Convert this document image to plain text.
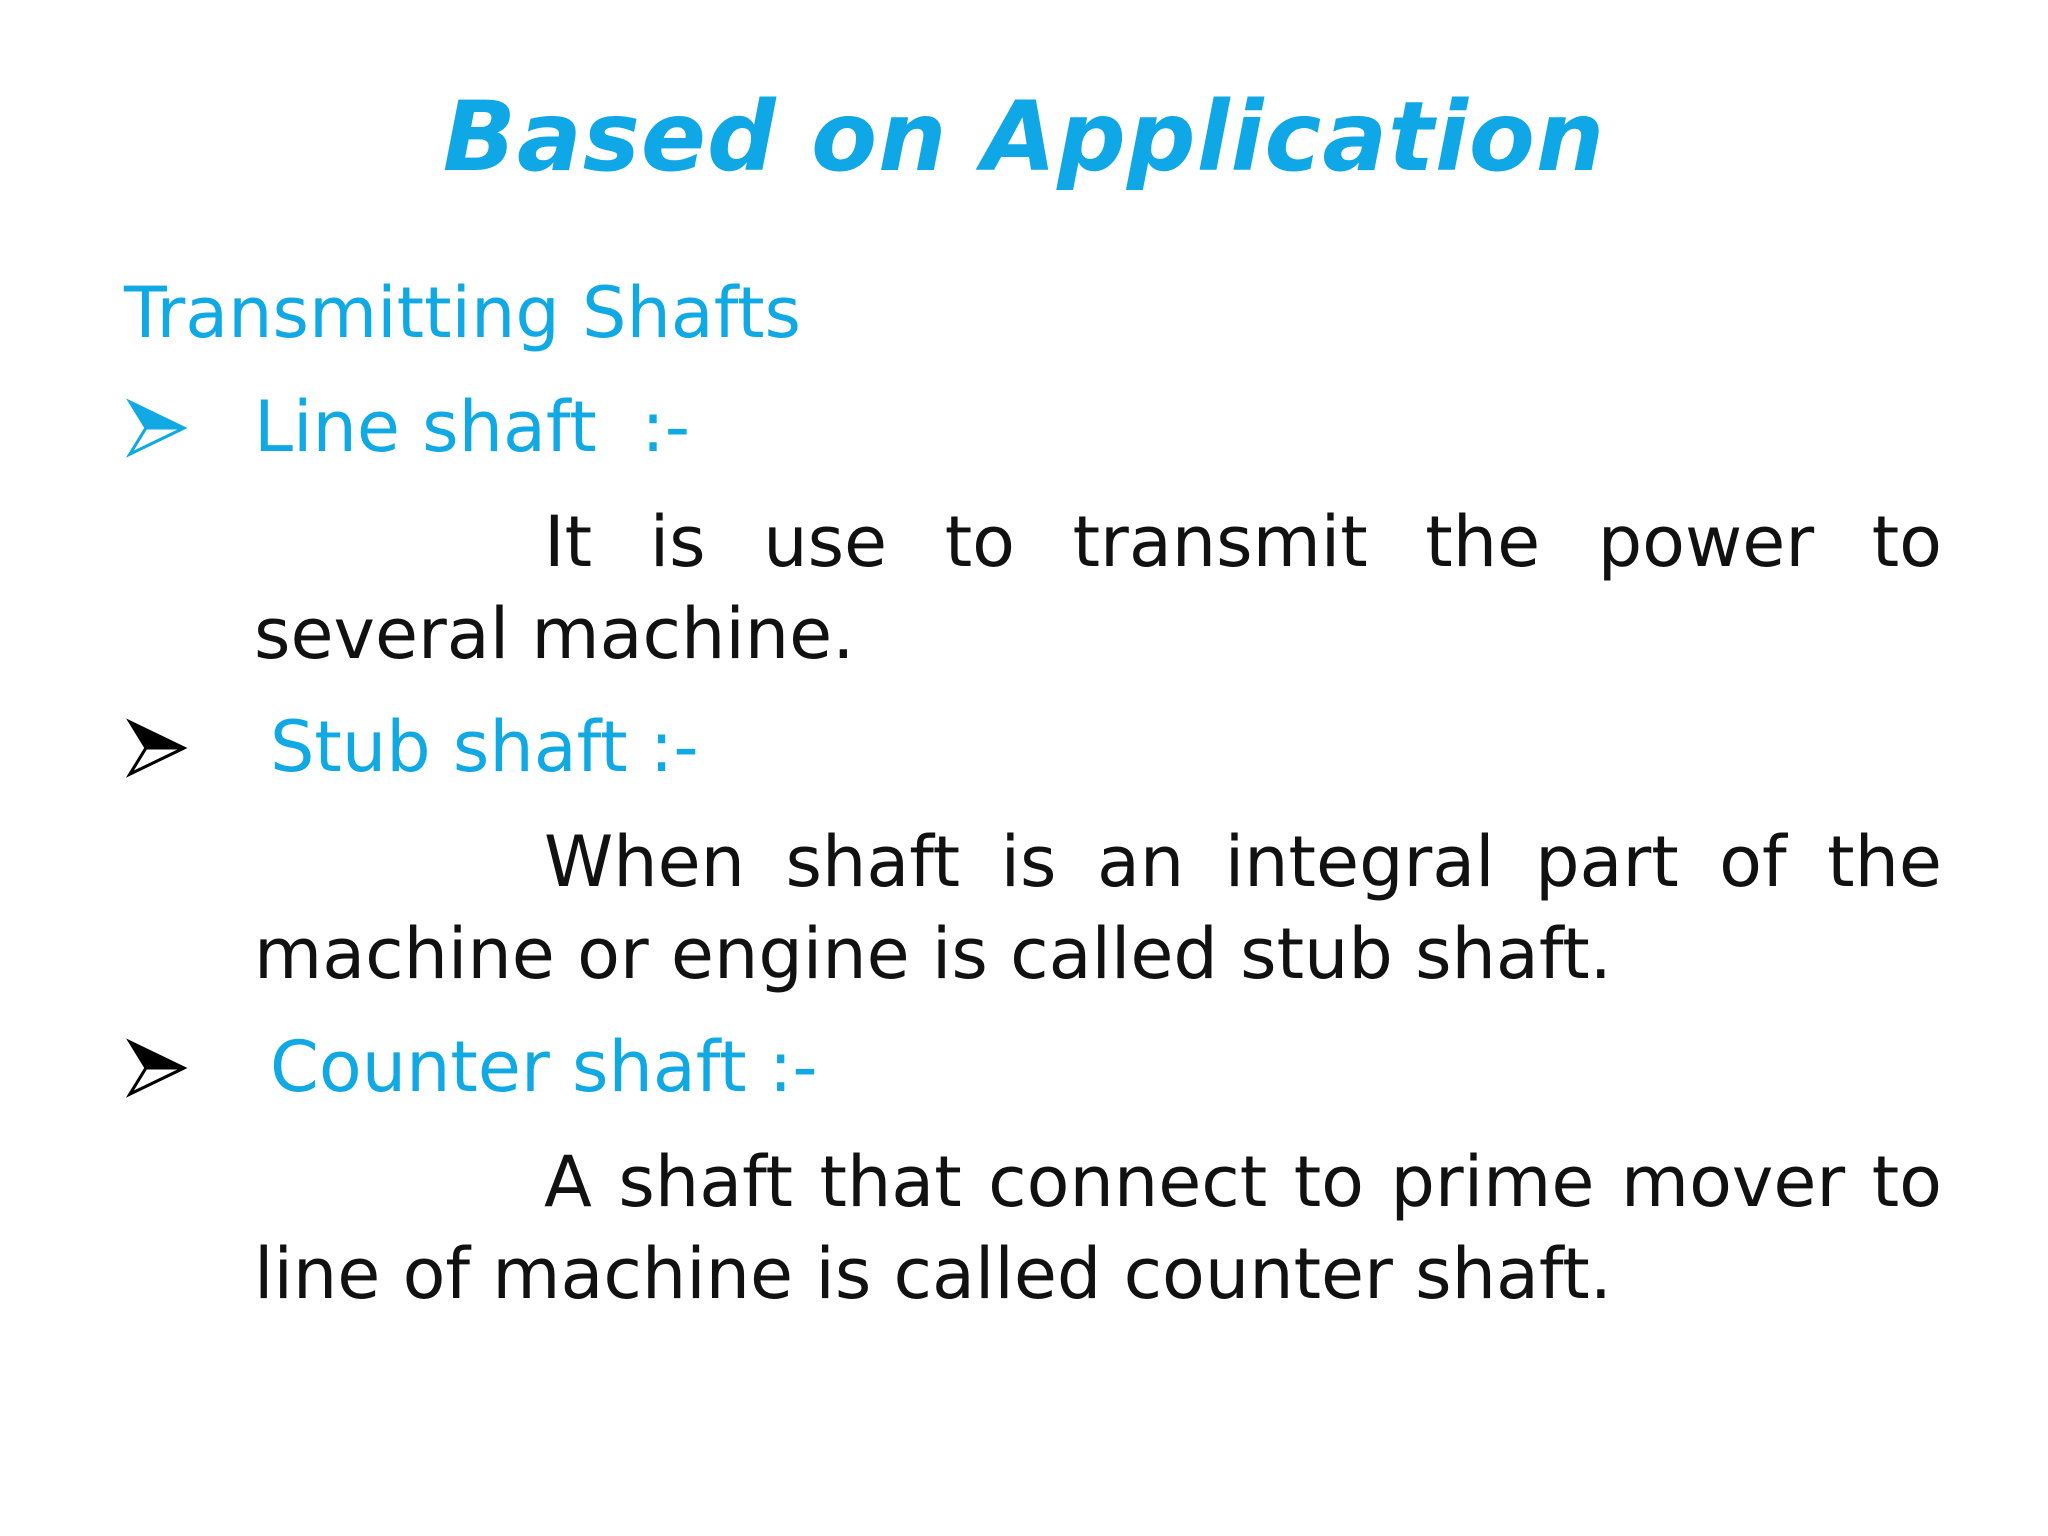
Based on Application
Transmitting Shafts
Line shaft  :-
It is use to transmit the power to several machine.
Stub shaft :-
When shaft is an integral part of the machine or engine is called stub shaft.
Counter shaft :-
A shaft that connect to prime mover to line of machine is called counter shaft.
